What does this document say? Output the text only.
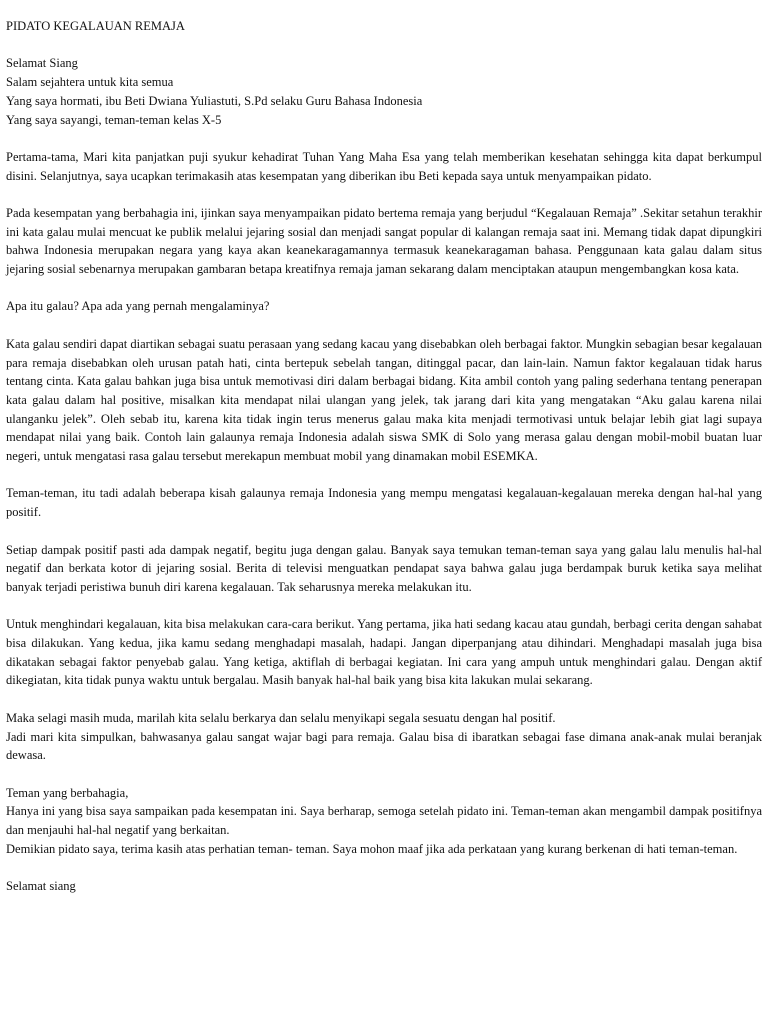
PIDATO KEGALAUAN REMAJA
Selamat Siang
Salam sejahtera untuk kita semua
Yang saya hormati, ibu Beti Dwiana Yuliastuti, S.Pd selaku Guru Bahasa Indonesia
Yang saya sayangi, teman-teman kelas X-5

Pertama-tama, Mari kita panjatkan puji syukur kehadirat Tuhan Yang Maha Esa yang telah memberikan kesehatan sehingga kita dapat berkumpul disini. Selanjutnya, saya ucapkan terimakasih atas kesempatan yang diberikan ibu Beti kepada saya untuk menyampaikan pidato.

Pada kesempatan yang berbahagia ini, ijinkan saya menyampaikan pidato bertema remaja yang berjudul “Kegalauan Remaja” .Sekitar setahun terakhir ini kata galau mulai mencuat ke publik melalui jejaring sosial dan menjadi sangat popular di kalangan remaja saat ini. Memang tidak dapat dipungkiri bahwa Indonesia merupakan negara yang kaya akan keanekaragamannya termasuk keanekaragaman bahasa. Penggunaan kata galau dalam situs jejaring sosial sebenarnya merupakan gambaran betapa kreatifnya remaja jaman sekarang dalam menciptakan ataupun mengembangkan kosa kata.

Apa itu galau? Apa ada yang pernah mengalaminya?

Kata galau sendiri dapat diartikan sebagai suatu perasaan yang sedang kacau yang disebabkan oleh berbagai faktor. Mungkin sebagian besar kegalauan para remaja disebabkan oleh urusan patah hati, cinta bertepuk sebelah tangan, ditinggal pacar, dan lain-lain. Namun faktor kegalauan tidak harus tentang cinta. Kata galau bahkan juga bisa untuk memotivasi diri dalam berbagai bidang. Kita ambil contoh yang paling sederhana tentang penerapan kata galau dalam hal positive, misalkan kita mendapat nilai ulangan yang jelek, tak jarang dari kita yang mengatakan “Aku galau karena nilai ulanganku jelek”. Oleh sebab itu, karena kita tidak ingin terus menerus galau maka kita menjadi termotivasi untuk belajar lebih giat lagi supaya mendapat nilai yang baik. Contoh lain galaunya remaja Indonesia adalah siswa SMK di Solo yang merasa galau dengan mobil-mobil buatan luar negeri, untuk mengatasi rasa galau tersebut merekapun membuat mobil yang dinamakan mobil ESEMKA.

Teman-teman, itu tadi adalah beberapa kisah galaunya remaja Indonesia yang mempu mengatasi kegalauan-kegalauan mereka dengan hal-hal yang positif.

Setiap dampak positif pasti ada dampak negatif, begitu juga dengan galau. Banyak saya temukan teman-teman saya yang galau lalu menulis hal-hal negatif dan berkata kotor di jejaring sosial. Berita di televisi menguatkan pendapat saya bahwa galau juga berdampak buruk ketika saya melihat banyak terjadi peristiwa bunuh diri karena kegalauan. Tak seharusnya mereka melakukan itu.

Untuk menghindari kegalauan, kita bisa melakukan cara-cara berikut. Yang pertama, jika hati sedang kacau atau gundah, berbagi cerita dengan sahabat bisa dilakukan. Yang kedua, jika kamu sedang menghadapi masalah, hadapi. Jangan diperpanjang atau dihindari. Menghadapi masalah juga bisa dikatakan sebagai faktor penyebab galau. Yang ketiga, aktiflah di berbagai kegiatan. Ini cara yang ampuh untuk menghindari galau. Dengan aktif dikegiatan, kita tidak punya waktu untuk bergalau. Masih banyak hal-hal baik yang bisa kita lakukan mulai sekarang.

Maka selagi masih muda, marilah kita selalu berkarya dan selalu menyikapi segala sesuatu dengan hal positif.

Jadi mari kita simpulkan, bahwasanya galau sangat wajar bagi para remaja. Galau bisa di ibaratkan sebagai fase dimana anak-anak mulai beranjak dewasa.

Teman yang berbahagia,

Hanya ini yang bisa saya sampaikan pada kesempatan ini. Saya berharap, semoga setelah pidato ini. Teman-teman akan mengambil dampak positifnya dan menjauhi hal-hal negatif yang berkaitan.

Demikian pidato saya, terima kasih atas perhatian teman- teman. Saya mohon maaf jika ada perkataan yang kurang berkenan di hati teman-teman.

Selamat siang
